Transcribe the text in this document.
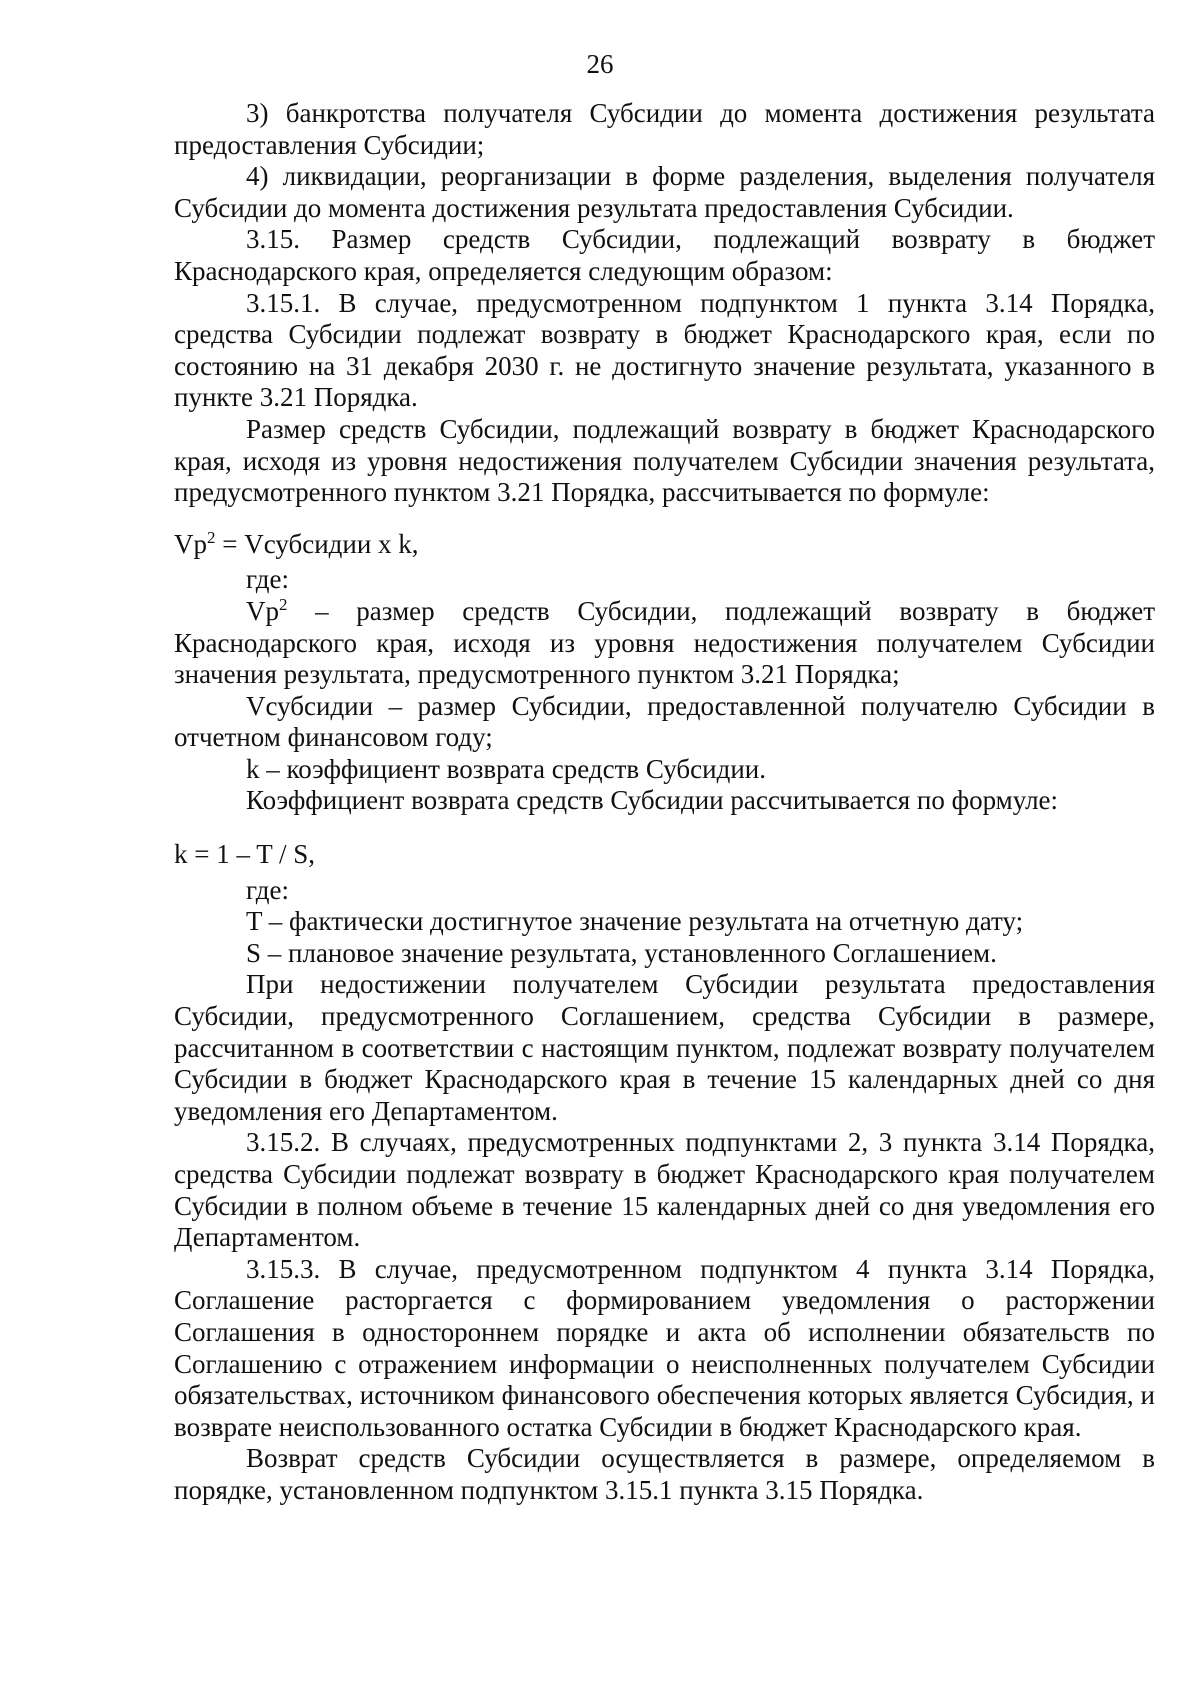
26

3) банкротства получателя Субсидии до момента достижения результата предоставления Субсидии;

4) ликвидации, реорганизации в форме разделения, выделения получателя Субсидии до момента достижения результата предоставления Субсидии.

3.15. Размер средств Субсидии, подлежащий возврату в бюджет Краснодарского края, определяется следующим образом:

3.15.1. В случае, предусмотренном подпунктом 1 пункта 3.14 Порядка, средства Субсидии подлежат возврату в бюджет Краснодарского края, если по состоянию на 31 декабря 2030 г. не достигнуто значение результата, указанного в пункте 3.21 Порядка.

Размер средств Субсидии, подлежащий возврату в бюджет Краснодарского края, исходя из уровня недостижения получателем Субсидии значения результата, предусмотренного пунктом 3.21 Порядка, рассчитывается по формуле:

$Vр^2$ = Vсубсидии x k,

где:

$Vр^2$ – размер средств Субсидии, подлежащий возврату в бюджет Краснодарского края, исходя из уровня недостижения получателем Субсидии значения результата, предусмотренного пунктом 3.21 Порядка;

Vсубсидии – размер Субсидии, предоставленной получателю Субсидии в отчетном финансовом году;

k – коэффициент возврата средств Субсидии.

Коэффициент возврата средств Субсидии рассчитывается по формуле:

k = 1 – T / S,

где:

T – фактически достигнутое значение результата на отчетную дату;

S – плановое значение результата, установленного Соглашением.

При недостижении получателем Субсидии результата предоставления Субсидии, предусмотренного Соглашением, средства Субсидии в размере, рассчитанном в соответствии с настоящим пунктом, подлежат возврату получателем Субсидии в бюджет Краснодарского края в течение 15 календарных дней со дня уведомления его Департаментом.

3.15.2. В случаях, предусмотренных подпунктами 2, 3 пункта 3.14 Порядка, средства Субсидии подлежат возврату в бюджет Краснодарского края получателем Субсидии в полном объеме в течение 15 календарных дней со дня уведомления его Департаментом.

3.15.3. В случае, предусмотренном подпунктом 4 пункта 3.14 Порядка, Соглашение расторгается с формированием уведомления о расторжении Соглашения в одностороннем порядке и акта об исполнении обязательств по Соглашению с отражением информации о неисполненных получателем Субсидии обязательствах, источником финансового обеспечения которых является Субсидия, и возврате неиспользованного остатка Субсидии в бюджет Краснодарского края.

Возврат средств Субсидии осуществляется в размере, определяемом в порядке, установленном подпунктом 3.15.1 пункта 3.15 Порядка.
